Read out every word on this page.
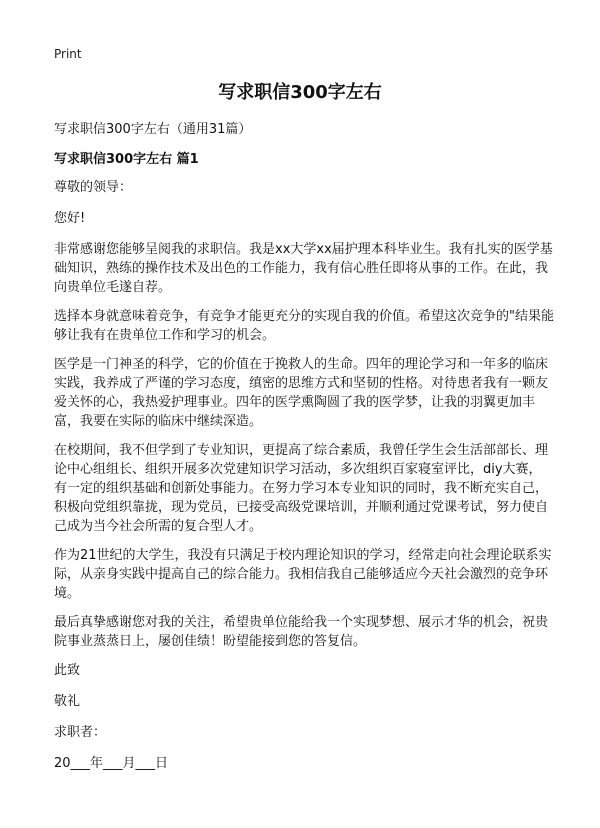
Print
写求职信300字左右

写求职信300字左右（通用31篇）

写求职信300字左右 篇1

尊敬的领导：

您好!

非常感谢您能够呈阅我的求职信。我是xx大学xx届护理本科毕业生。我有扎实的医学基础知识，熟练的操作技术及出色的工作能力，我有信心胜任即将从事的工作。在此，我向贵单位毛遂自荐。

选择本身就意味着竞争，有竞争才能更充分的实现自我的价值。希望这次竞争的"结果能够让我有在贵单位工作和学习的机会。

医学是一门神圣的科学，它的价值在于挽救人的生命。四年的理论学习和一年多的临床实践，我养成了严谨的学习态度，缜密的思维方式和坚韧的性格。对待患者我有一颗友爱关怀的心，我热爱护理事业。四年的医学熏陶圆了我的医学梦，让我的羽翼更加丰富，我要在实际的临床中继续深造。

在校期间，我不但学到了专业知识，更提高了综合素质，我曾任学生会生活部部长、理论中心组组长、组织开展多次党建知识学习活动，多次组织百家寝室评比，diy大赛，有一定的组织基础和创新处事能力。在努力学习本专业知识的同时，我不断充实自己，积极向党组织靠拢，现为党员，已接受高级党课培训，并顺利通过党课考试，努力使自己成为当今社会所需的复合型人才。

作为21世纪的大学生，我没有只满足于校内理论知识的学习，经常走向社会理论联系实际，从亲身实践中提高自己的综合能力。我相信我自己能够适应今天社会激烈的竞争环境。

最后真挚感谢您对我的关注，希望贵单位能给我一个实现梦想、展示才华的机会，祝贵院事业蒸蒸日上，屡创佳绩！盼望能接到您的答复信。

此致

敬礼

求职者：

20___年___月___日
